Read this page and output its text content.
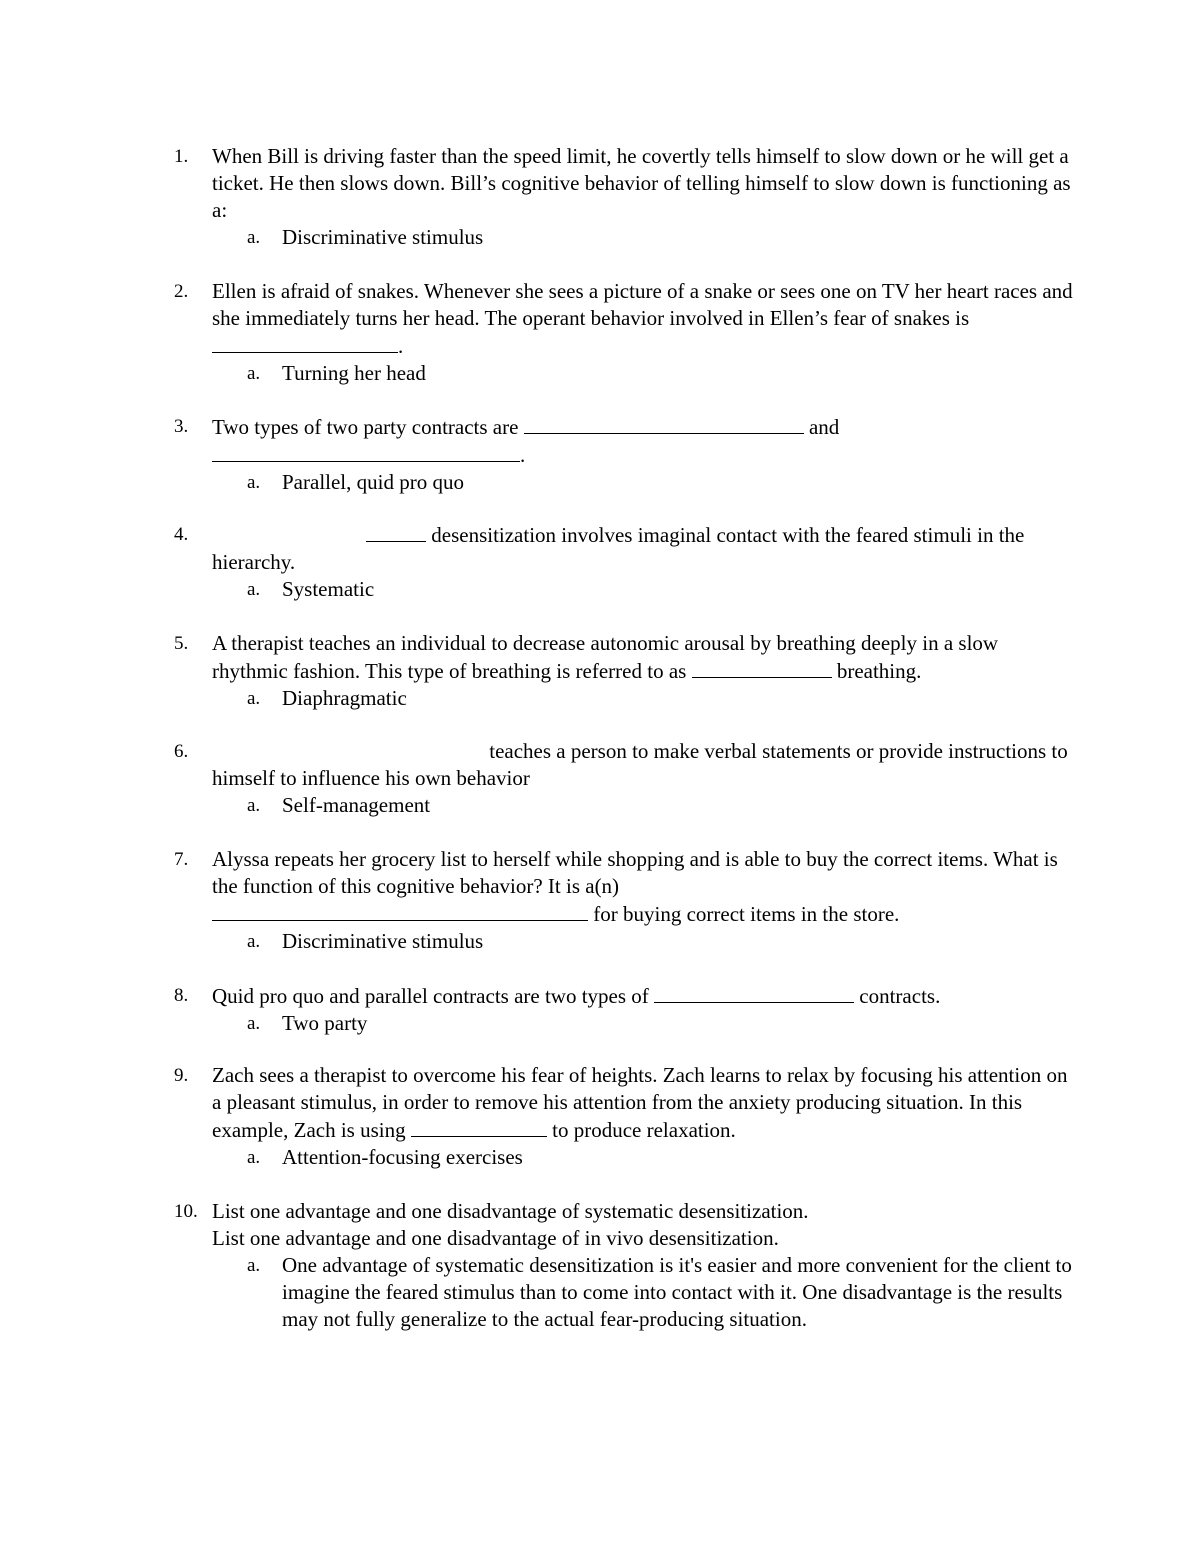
1.	When Bill is driving faster than the speed limit, he covertly tells himself to slow down or he will get a ticket. He then slows down. Bill’s cognitive behavior of telling himself to slow down is functioning as a:
a. Discriminative stimulus
2.	Ellen is afraid of snakes. Whenever she sees a picture of a snake or sees one on TV her heart races and she immediately turns her head. The operant behavior involved in Ellen’s fear of snakes is .
a. Turning her head
3.	Two types of two party contracts are	and
.
a. Parallel, quid pro quo
4.	desensitization involves imaginal contact with the feared stimuli in the hierarchy.
a. Systematic
5.	A therapist teaches an individual to decrease autonomic arousal by breathing deeply in a slow rhythmic fashion. This type of breathing is referred to as	breathing.
a. Diaphragmatic
6.	teaches a person to make verbal statements or provide instructions to himself to influence his own behavior
a. Self-management
7.	Alyssa repeats her grocery list to herself while shopping and is able to buy the correct items. What is the function of this cognitive behavior? It is a(n)
for buying correct items in the store.
a. Discriminative stimulus
8.	Quid pro quo and parallel contracts are two types of	contracts.
a. Two party
9.	Zach sees a therapist to overcome his fear of heights. Zach learns to relax by focusing his attention on a pleasant stimulus, in order to remove his attention from the anxiety producing situation. In this example, Zach is using	to produce relaxation.
a. Attention-focusing exercises
10. List one advantage and one disadvantage of systematic desensitization.
List one advantage and one disadvantage of in vivo desensitization.
a. One advantage of systematic desensitization is it's easier and more convenient for the client to imagine the feared stimulus than to come into contact with it. One disadvantage is the results may not fully generalize to the actual fear-producing situation.
